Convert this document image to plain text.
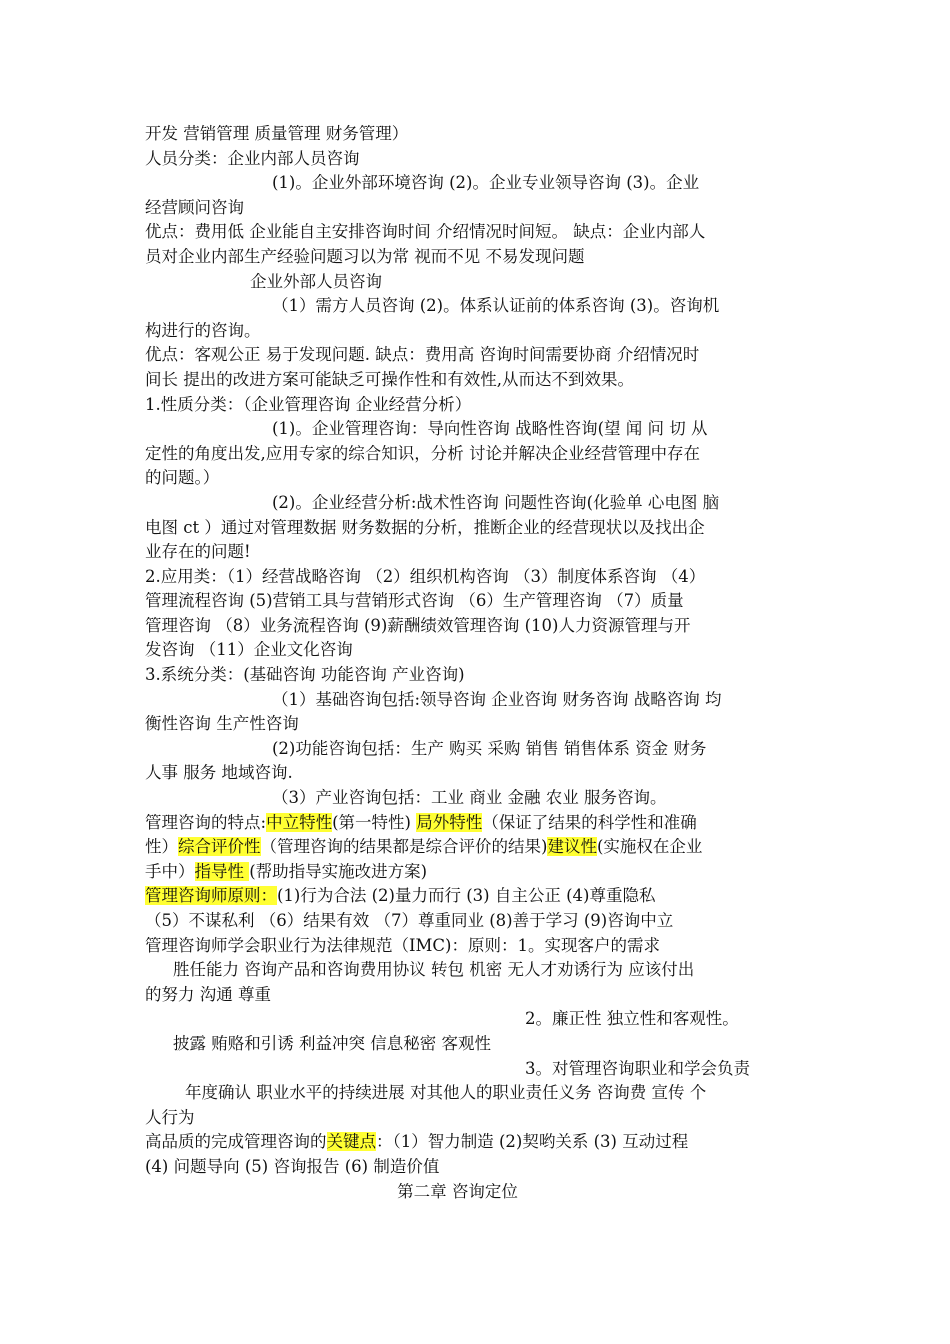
开发 营销管理 质量管理 财务管理）
人员分类：企业内部人员咨询
(1)。企业外部环境咨询 (2)。企业专业领导咨询 (3)。企业
经营顾问咨询
优点：费用低 企业能自主安排咨询时间 介绍情况时间短。 缺点：企业内部人
员对企业内部生产经验问题习以为常 视而不见 不易发现问题
企业外部人员咨询
（1）需方人员咨询 (2)。体系认证前的体系咨询 (3)。咨询机
构进行的咨询。
优点：客观公正 易于发现问题. 缺点：费用高 咨询时间需要协商 介绍情况时
间长 提出的改进方案可能缺乏可操作性和有效性,从而达不到效果。
1.性质分类：（企业管理咨询 企业经营分析）
(1)。企业管理咨询：导向性咨询 战略性咨询(望 闻 问 切 从
定性的角度出发,应用专家的综合知识，分析 讨论并解决企业经营管理中存在
的问题。）
(2)。企业经营分析:战术性咨询 问题性咨询(化验单 心电图 脑
电图 ct ）通过对管理数据 财务数据的分析，推断企业的经营现状以及找出企
业存在的问题!
2.应用类：（1）经营战略咨询 （2）组织机构咨询 （3）制度体系咨询 （4）
管理流程咨询 (5)营销工具与营销形式咨询 （6）生产管理咨询 （7）质量
管理咨询 （8）业务流程咨询 (9)薪酬绩效管理咨询 (10)人力资源管理与开
发咨询 （11）企业文化咨询
3.系统分类：(基础咨询 功能咨询 产业咨询)
（1）基础咨询包括:领导咨询 企业咨询 财务咨询 战略咨询 均
衡性咨询 生产性咨询
(2)功能咨询包括：生产 购买 采购 销售 销售体系 资金 财务
人事 服务 地域咨询.
（3）产业咨询包括：工业 商业 金融 农业 服务咨询。
管理咨询的特点:中立特性(第一特性) 局外特性（保证了结果的科学性和准确
性）综合评价性（管理咨询的结果都是综合评价的结果)建议性(实施权在企业
手中）指导性 (帮助指导实施改进方案)
管理咨询师原则：(1)行为合法 (2)量力而行 (3) 自主公正 (4)尊重隐私
（5）不谋私利 （6）结果有效 （7）尊重同业 (8)善于学习 (9)咨询中立
管理咨询师学会职业行为法律规范（IMC)：原则：1。实现客户的需求
胜任能力 咨询产品和咨询费用协议 转包 机密 无人才劝诱行为 应该付出
的努力 沟通 尊重
2。廉正性 独立性和客观性。
披露 贿赂和引诱 利益冲突 信息秘密 客观性
3。对管理咨询职业和学会负责
年度确认 职业水平的持续进展 对其他人的职业责任义务 咨询费 宣传 个
人行为
高品质的完成管理咨询的关键点：（1）智力制造 (2)契哟关系 (3) 互动过程
(4) 问题导向 (5) 咨询报告 (6) 制造价值
第二章 咨询定位
